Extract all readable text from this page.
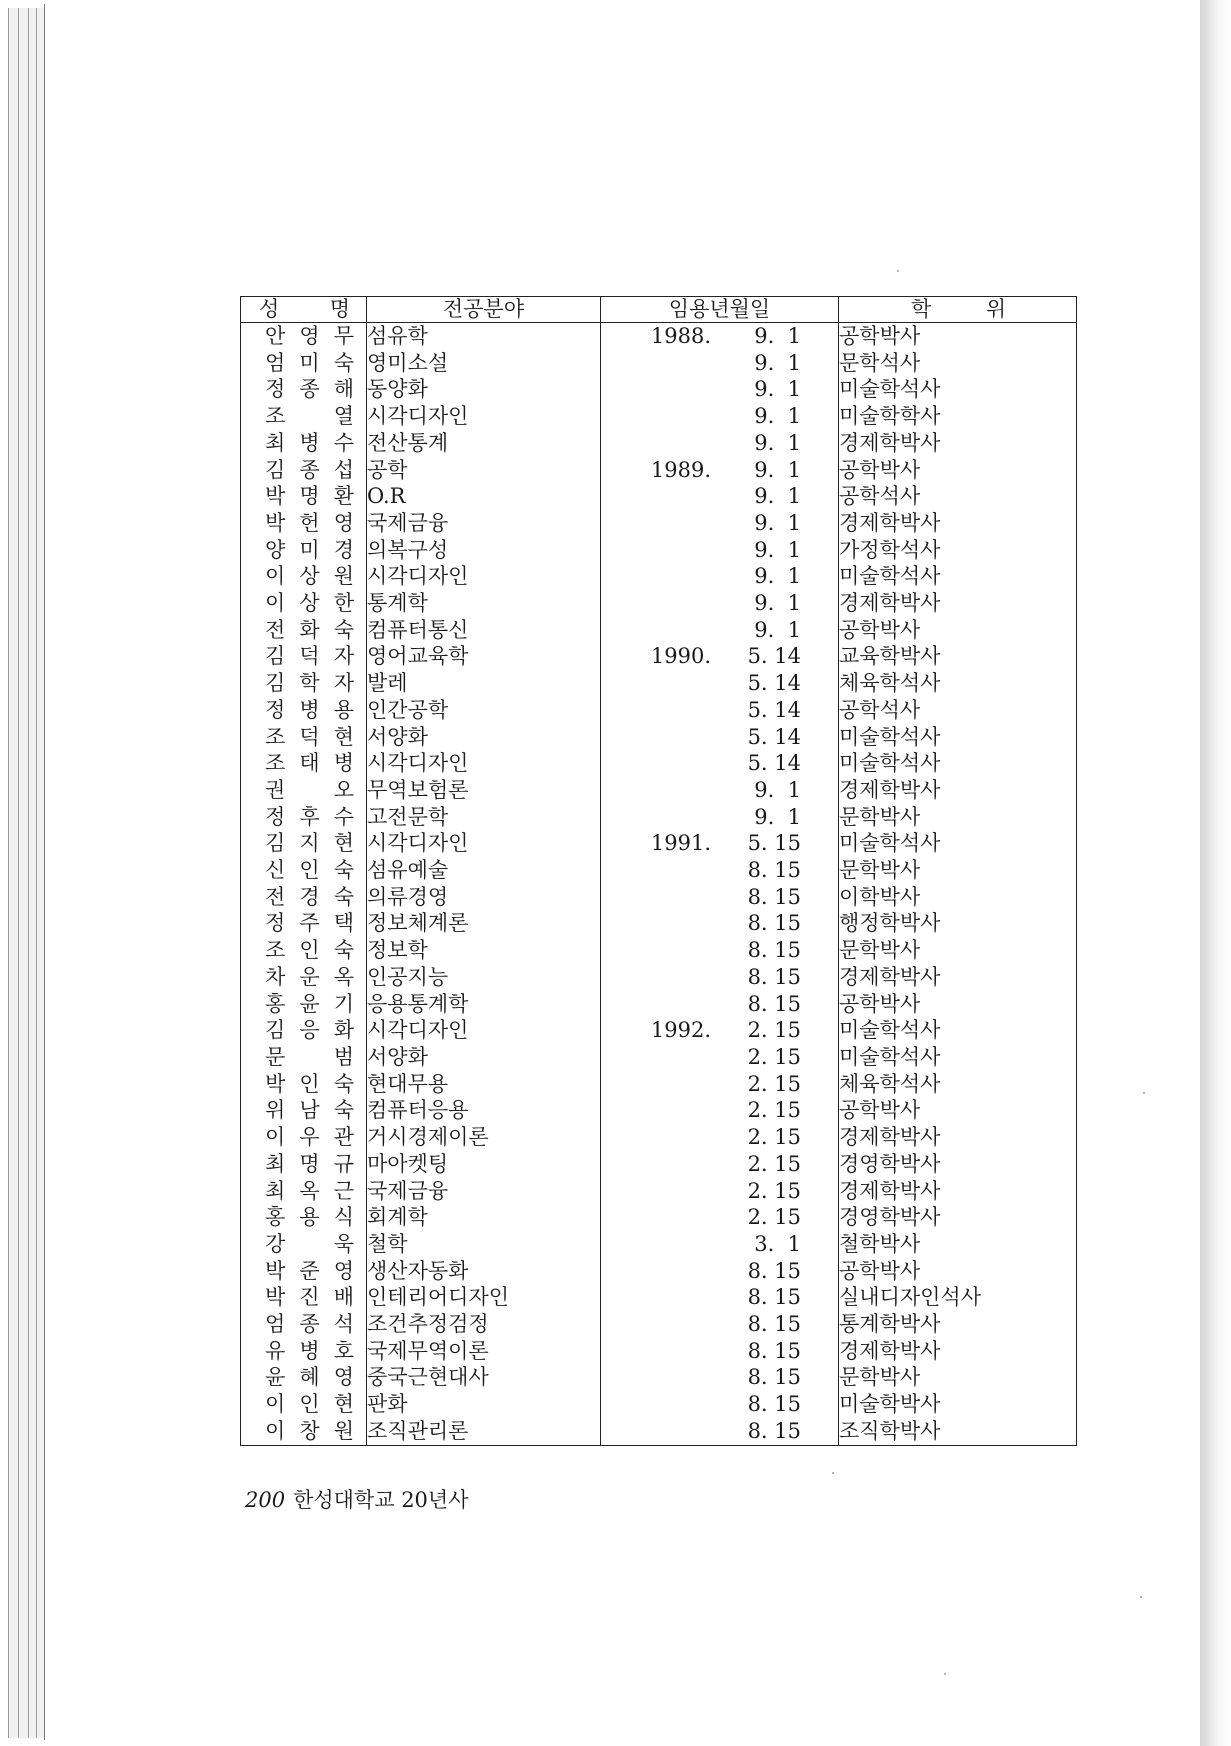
성 명	전공분야	임용년월일	학 위

안 영 무	섬유학	1988. 9.  1	공학박사

엄 미 숙	영미소설	9.  1	문학석사

정 종 해	동양화	9.  1	미술학석사

조 열	시각디자인	9.  1	미술학학사

최 병 수	전산통계	9.  1	경제학박사

김 종 섭	공학	1989. 9.  1	공학박사

박 명 환	O.R	9.  1	공학석사

박 헌 영	국제금융	9.  1	경제학박사

양 미 경	의복구성	9.  1	가정학석사

이 상 원	시각디자인	9.  1	미술학석사

이 상 한	통계학	9.  1	경제학박사

전 화 숙	컴퓨터통신	9.  1	공학박사

김 덕 자	영어교육학	1990. 5. 14	교육학박사

김 학 자	발레	5. 14	체육학석사

정 병 용	인간공학	5. 14	공학석사

조 덕 현	서양화	5. 14	미술학석사

조 태 병	시각디자인	5. 14	미술학석사

권 오	무역보험론	9.  1	경제학박사

정 후 수	고전문학	9.  1	문학박사

김 지 현	시각디자인	1991. 5. 15	미술학석사

신 인 숙	섬유예술	8. 15	문학박사

전 경 숙	의류경영	8. 15	이학박사

정 주 택	정보체계론	8. 15	행정학박사

조 인 숙	정보학	8. 15	문학박사

차 운 옥	인공지능	8. 15	경제학박사

홍 윤 기	응용통계학	8. 15	공학박사

김 응 화	시각디자인	1992. 2. 15	미술학석사

문 범	서양화	2. 15	미술학석사

박 인 숙	현대무용	2. 15	체육학석사

위 남 숙	컴퓨터응용	2. 15	공학박사

이 우 관	거시경제이론	2. 15	경제학박사

최 명 규	마아켓팅	2. 15	경영학박사

최 옥 근	국제금융	2. 15	경제학박사

홍 용 식	회계학	2. 15	경영학박사

강 욱	철학	3.  1	철학박사

박 준 영	생산자동화	8. 15	공학박사

박 진 배	인테리어디자인	8. 15	실내디자인석사

엄 종 석	조건추정검정	8. 15	통계학박사

유 병 호	국제무역이론	8. 15	경제학박사

윤 혜 영	중국근현대사	8. 15	문학박사

이 인 현	판화	8. 15	미술학박사

이 창 원	조직관리론	8. 15	조직학박사
200 한성대학교 20년사
